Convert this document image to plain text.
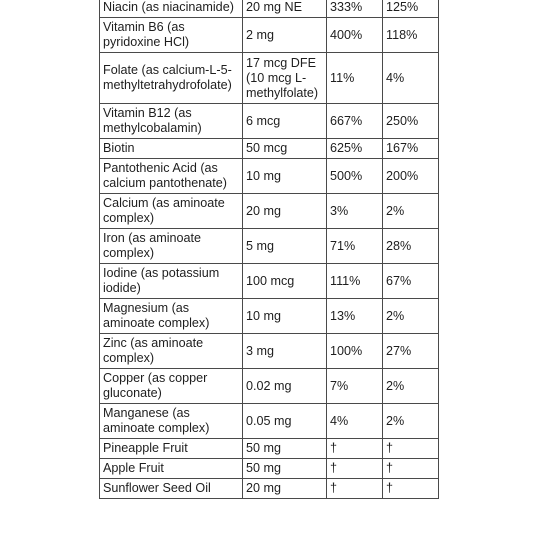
Niacin (as niacinamide)	20 mg NE	333%	125%
Vitamin B6 (as pyridoxine HCl)	2 mg	400%	118%
Folate (as calcium-L-5-methyltetrahydrofolate)	17 mcg DFE (10 mcg L-methylfolate)	11%	4%
Vitamin B12 (as methylcobalamin)	6 mcg	667%	250%
Biotin	50 mcg	625%	167%
Pantothenic Acid (as calcium pantothenate)	10 mg	500%	200%
Calcium (as aminoate complex)	20 mg	3%	2%
Iron (as aminoate complex)	5 mg	71%	28%
Iodine (as potassium iodide)	100 mcg	111%	67%
Magnesium (as aminoate complex)	10 mg	13%	2%
Zinc (as aminoate complex)	3 mg	100%	27%
Copper (as copper gluconate)	0.02 mg	7%	2%
Manganese (as aminoate complex)	0.05 mg	4%	2%
Pineapple Fruit	50 mg	†	†
Apple Fruit	50 mg	†	†
Sunflower Seed Oil	20 mg	†	†
